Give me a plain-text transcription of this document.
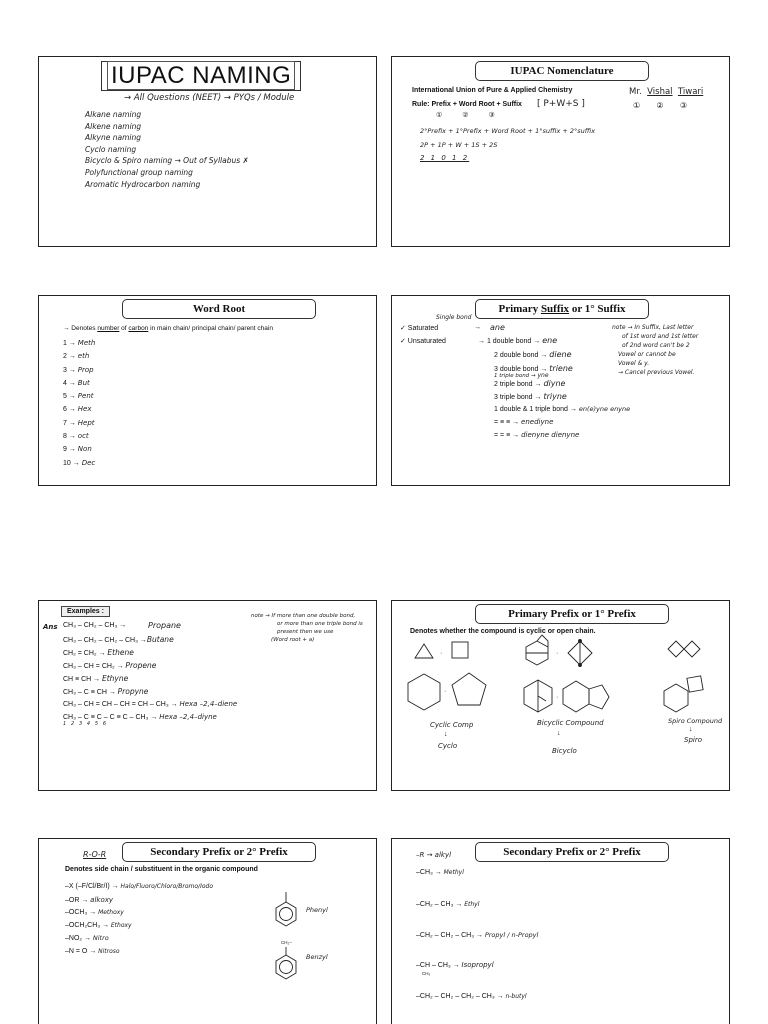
IUPAC NAMING
→ All Questions (NEET) → PYQs / Module
Alkane naming
Alkene naming
Alkyne naming
Cyclo naming
Bicyclo & Spiro naming → Out of Syllabus ✗
Polyfunctional group naming
Aromatic Hydrocarbon naming
IUPAC Nomenclature
International Union of Pure & Applied Chemistry	Mr. Vishal Tiwari
① ② ③
Rule: Prefix + Word Root + Suffix [ P+W+S ]
①	②	③
2°Prefix + 1°Prefix + Word Root + 1°suffix + 2°suffix
2P + 1P + W + 1S + 2S
2 1 0 1 2
Word Root
→ Denotes number of carbon in main chain/ principal chain/ parent chain
1 → Meth
2 → eth
3 → Prop
4 → But
5 → Pent
6 → Hex
7 → Hept
8 → oct
9 → Non
10 → Dec
Primary Suffix or 1° Suffix
Single bond
✓ Saturated	→ ane
✓ Unsaturated	→ 1 double bond → ene
2 double bond → diene
3 double bond → triene
1 triple bond → yne
2 triple bond → diyne
3 triple bond → triyne
1 double & 1 triple bond → en(e)yne enyne
= ≡ ≡ → enediyne
= = ≡ → dienyne dienyne
note → In Suffix, Last letter
of 1st word and 1st letter
of 2nd word can't be 2
Vowel or cannot be
Vowel & y.
→ Cancel previous Vowel.
Examples :
Ans CH₃ – CH₂ – CH₃ →	Propane
CH₃ – CH₂ – CH₂ – CH₃ →Butane
CH₂ = CH₂ → Ethene
CH₃ – CH = CH₂ → Propene
CH ≡ CH → Ethyne
CH₃ – C ≡ CH → Propyne
CH₃ – CH = CH – CH = CH – CH₃ → Hexa –2,4–diene
CH₃ – C ≡ C – C ≡ C – CH₃ → Hexa –2,4–diyne
1 2 3 4 5 6
note → If more than one double bond,
or more than one triple bond is
present then we use
(Word root + a)
Primary Prefix or 1° Prefix
Denotes whether the compound is cyclic or open chain.
·
·
·
·
Cyclic Comp
↓
Cyclo
Bicyclic Compound
↓
Bicyclo
Spiro Compound
↓
Spiro
Secondary Prefix or 2° Prefix
R-O-R
Denotes side chain / substituent in the organic compound
–X (–F/Cl/Br/I) → Halo/Fluoro/Chloro/Bromo/Iodo
–OR → alkoxy
–OCH₃ → Methoxy
–OCH₂CH₃ → Ethoxy
–NO₂ → Nitro
–N = O → Nitroso
Phenyl
CH₂–
Benzyl
Secondary Prefix or 2° Prefix
–R → alkyl
–CH₃ → Methyl
–CH₂ – CH₃ → Ethyl
–CH₂ – CH₂ – CH₃ → Propyl / n-Propyl
–CH – CH₃ → Isopropyl
CH₃
–CH₂ – CH₂ – CH₂ – CH₃ → n-butyl
